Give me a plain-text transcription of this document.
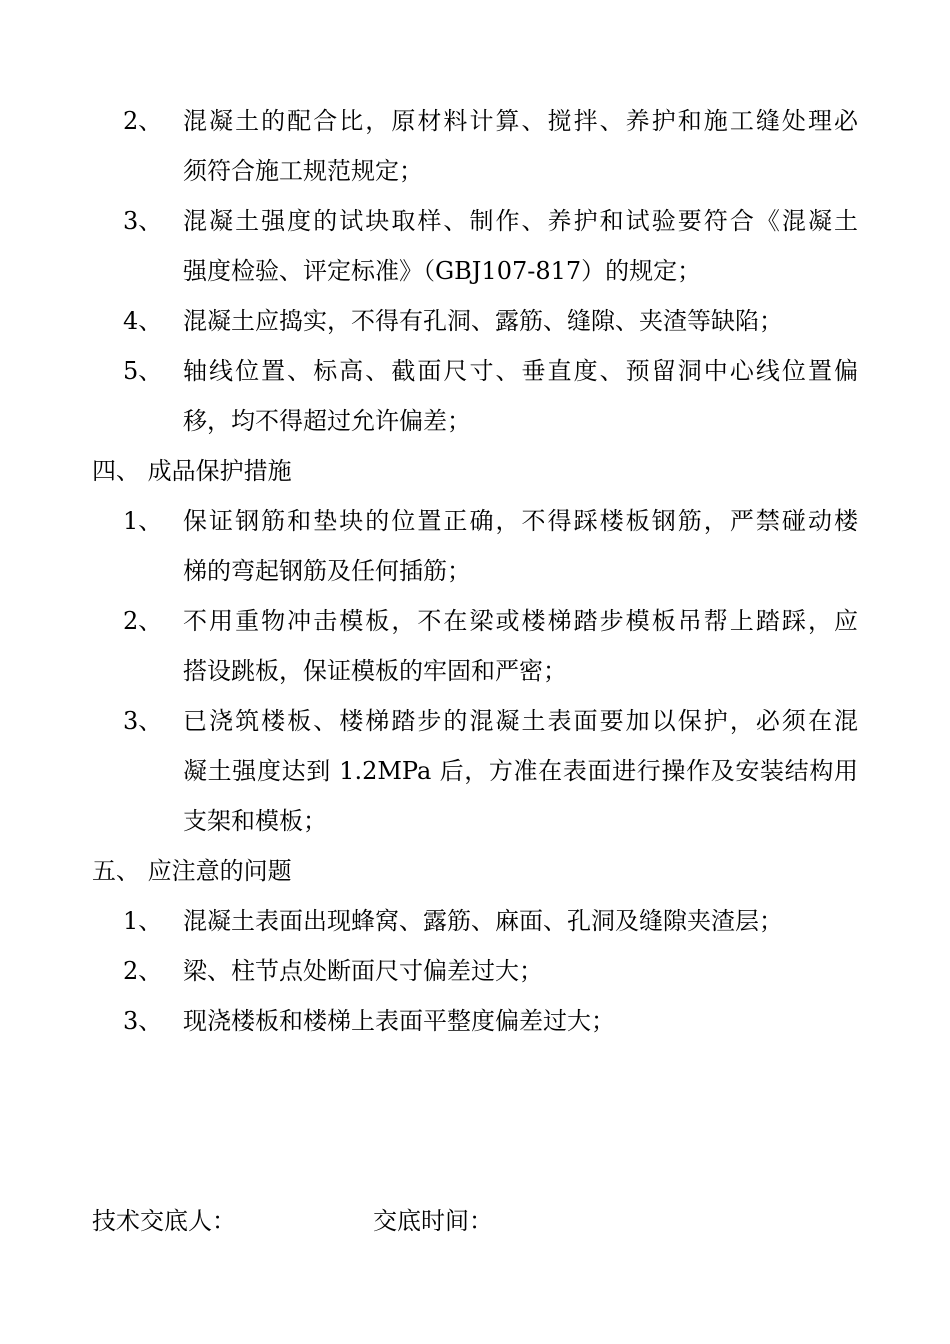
2、 混凝土的配合比，原材料计算、搅拌、养护和施工缝处理必
须符合施工规范规定；
3、 混凝土强度的试块取样、制作、养护和试验要符合《混凝土
强度检验、评定标准》（GBJ107-817）的规定；
4、 混凝土应捣实，不得有孔洞、露筋、缝隙、夹渣等缺陷；
5、 轴线位置、标高、截面尺寸、垂直度、预留洞中心线位置偏
移，均不得超过允许偏差；
四、 成品保护措施
1、 保证钢筋和垫块的位置正确，不得踩楼板钢筋，严禁碰动楼
梯的弯起钢筋及任何插筋；
2、 不用重物冲击模板，不在梁或楼梯踏步模板吊帮上踏踩，应
搭设跳板，保证模板的牢固和严密；
3、 已浇筑楼板、楼梯踏步的混凝土表面要加以保护，必须在混
凝土强度达到 1.2MPa 后，方准在表面进行操作及安装结构用
支架和模板；
五、 应注意的问题
1、 混凝土表面出现蜂窝、露筋、麻面、孔洞及缝隙夹渣层；
2、 梁、柱节点处断面尺寸偏差过大；
3、 现浇楼板和楼梯上表面平整度偏差过大；
技术交底人：	交底时间：
